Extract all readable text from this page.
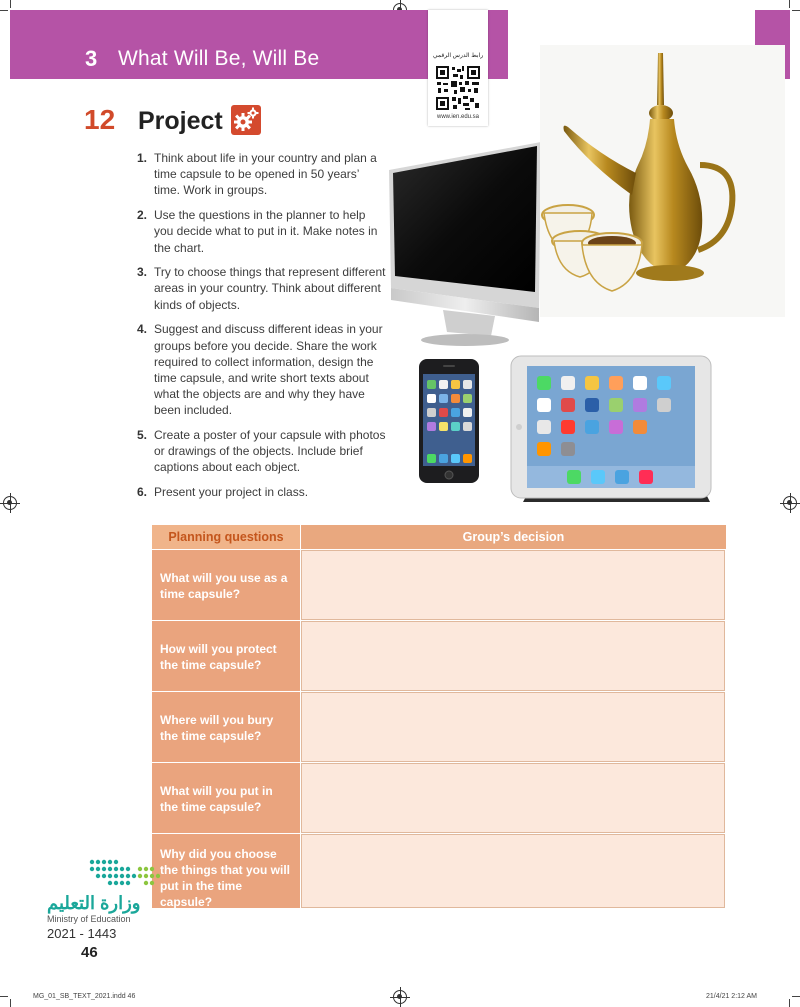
3 What Will Be, Will Be	رابط الدرس الرقمي
www.ien.edu.sa
12 Project
1. Think about life in your country and plan a time capsule to be opened in 50 years’ time. Work in groups.
2. Use the questions in the planner to help you decide what to put in it. Make notes in the chart.
3. Try to choose things that represent different areas in your country. Think about different kinds of objects.
4. Suggest and discuss different ideas in your groups before you decide. Share the work required to collect information, design the time capsule, and write short texts about what the objects are and why they have been included.
5. Create a poster of your capsule with photos or drawings of the objects. Include brief captions about each object.
6. Present your project in class.
Planning questions	Group’s decision
What will you use as a time capsule?
How will you protect the time capsule?
Where will you bury the time capsule?
What will you put in the time capsule?
Why did you choose the things that you will put in the time capsule?
وزارة التعليم
Ministry of Education
2021 - 1443
46
MG_01_SB_TEXT_2021.indd 46	21/4/21 2:12 AM
